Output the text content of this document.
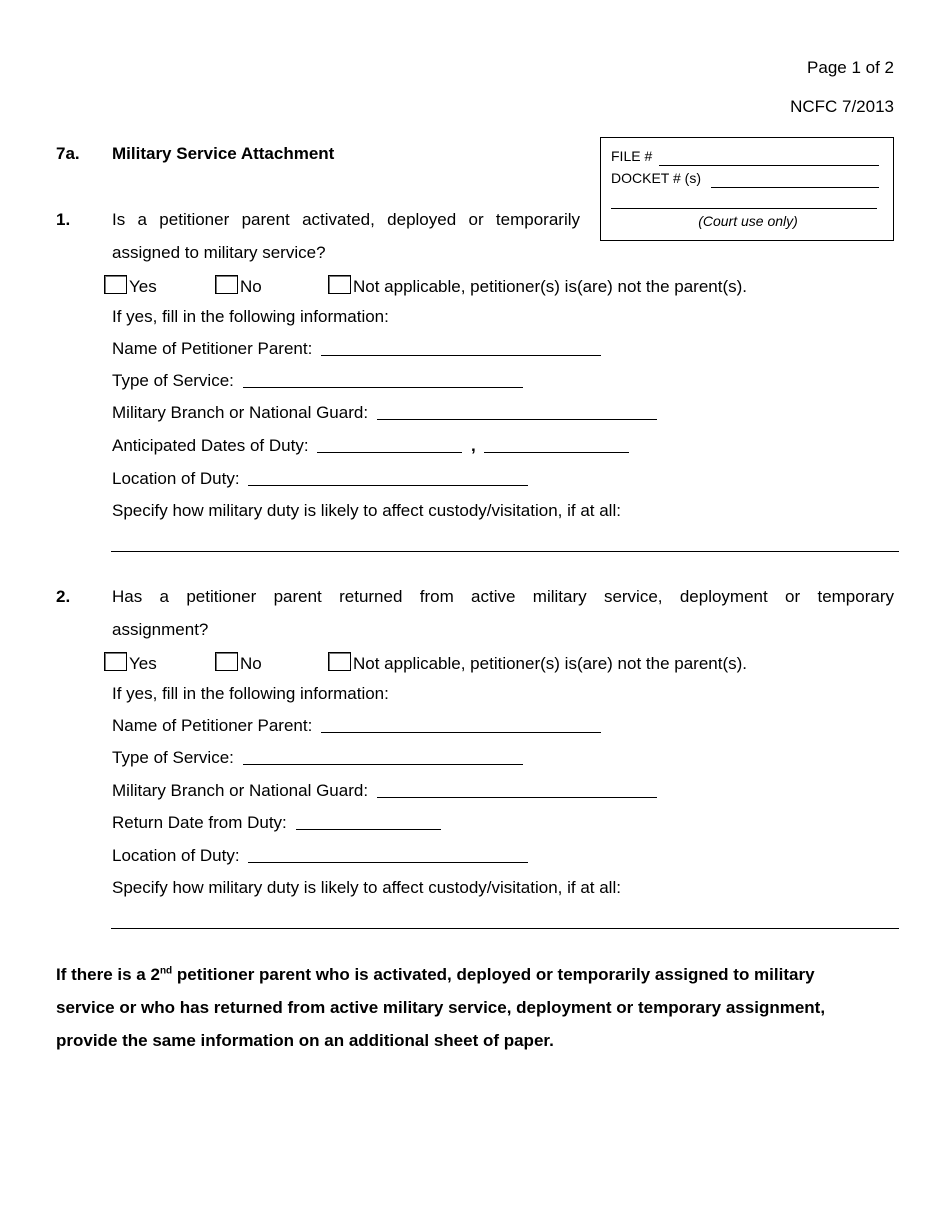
Page 1 of 2
NCFC 7/2013
7a. Military Service Attachment	FILE #
DOCKET # (s)
(Court use only)
1. Is a petitioner parent activated, deployed or temporarily
assigned to military service?
Yes	No	Not applicable, petitioner(s) is(are) not the parent(s).
If yes, fill in the following information:
Name of Petitioner Parent:
Type of Service:
Military Branch or National Guard:
Anticipated Dates of Duty:	,
Location of Duty:
Specify how military duty is likely to affect custody/visitation, if at all:
2. Has a petitioner parent returned from active military service, deployment or temporary
assignment?
Yes	No	Not applicable, petitioner(s) is(are) not the parent(s).
If yes, fill in the following information:
Name of Petitioner Parent:
Type of Service:
Military Branch or National Guard:
Return Date from Duty:
Location of Duty:
Specify how military duty is likely to affect custody/visitation, if at all:
If there is a 2nd petitioner parent who is activated, deployed or temporarily assigned to military
service or who has returned from active military service, deployment or temporary assignment,
provide the same information on an additional sheet of paper.
